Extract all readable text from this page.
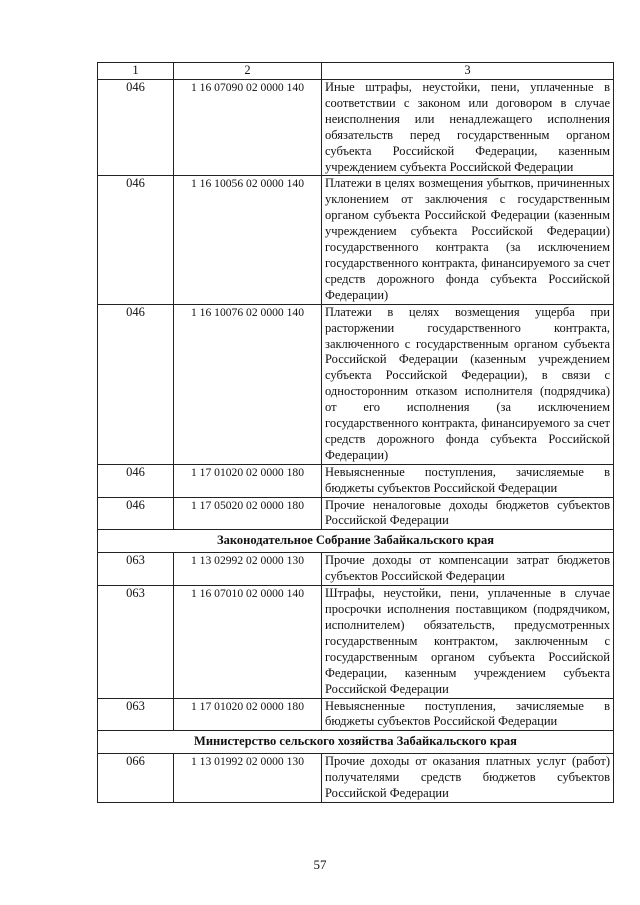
1	2	3
046	1 16 07090 02 0000 140	Иные штрафы, неустойки, пени, уплаченные в соответствии с законом или договором в случае неисполнения или ненадлежащего исполнения обязательств перед государственным органом субъекта Российской Федерации, казенным учреждением субъекта Российской Федерации
046	1 16 10056 02 0000 140	Платежи в целях возмещения убытков, причиненных уклонением от заключения с государственным органом субъекта Российской Федерации (казенным учреждением субъекта Российской Федерации) государственного контракта (за исключением государственного контракта, финансируемого за счет средств дорожного фонда субъекта Российской Федерации)
046	1 16 10076 02 0000 140	Платежи в целях возмещения ущерба при расторжении государственного контракта, заключенного с государственным органом субъекта Российской Федерации (казенным учреждением субъекта Российской Федерации), в связи с односторонним отказом исполнителя (подрядчика) от его исполнения (за исключением государственного контракта, финансируемого за счет средств дорожного фонда субъекта Российской Федерации)
046	1 17 01020 02 0000 180	Невыясненные поступления, зачисляемые в бюджеты субъектов Российской Федерации
046	1 17 05020 02 0000 180	Прочие неналоговые доходы бюджетов субъектов Российской Федерации
Законодательное Собрание Забайкальского края		
063	1 13 02992 02 0000 130	Прочие доходы от компенсации затрат бюджетов субъектов Российской Федерации
063	1 16 07010 02 0000 140	Штрафы, неустойки, пени, уплаченные в случае просрочки исполнения поставщиком (подрядчиком, исполнителем) обязательств, предусмотренных государственным контрактом, заключенным с государственным органом субъекта Российской Федерации, казенным учреждением субъекта Российской Федерации
063	1 17 01020 02 0000 180	Невыясненные поступления, зачисляемые в бюджеты субъектов Российской Федерации
Министерство сельского хозяйства Забайкальского края		
066	1 13 01992 02 0000 130	Прочие доходы от оказания платных услуг (работ) получателями средств бюджетов субъектов Российской Федерации
57
